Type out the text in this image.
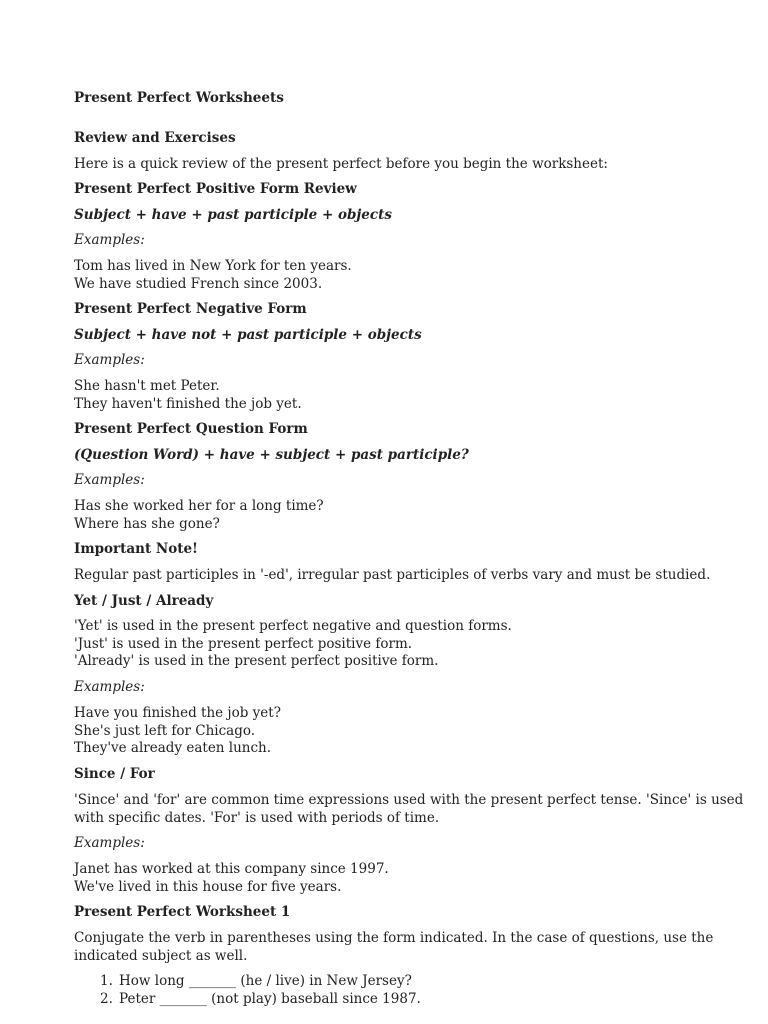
Present Perfect Worksheets
Review and Exercises
Here is a quick review of the present perfect before you begin the worksheet:
Present Perfect Positive Form Review
Subject + have + past participle + objects
Examples:
Tom has lived in New York for ten years.
We have studied French since 2003.
Present Perfect Negative Form
Subject + have not + past participle + objects
Examples:
She hasn't met Peter.
They haven't finished the job yet.
Present Perfect Question Form
(Question Word) + have + subject + past participle?
Examples:
Has she worked her for a long time?
Where has she gone?
Important Note!
Regular past participles in '-ed', irregular past participles of verbs vary and must be studied.
Yet / Just / Already
'Yet' is used in the present perfect negative and question forms.
'Just' is used in the present perfect positive form.
'Already' is used in the present perfect positive form.
Examples:
Have you finished the job yet?
She's just left for Chicago.
They've already eaten lunch.
Since / For
'Since' and 'for' are common time expressions used with the present perfect tense. 'Since' is used
with specific dates. 'For' is used with periods of time.
Examples:
Janet has worked at this company since 1997.
We've lived in this house for five years.
Present Perfect Worksheet 1
Conjugate the verb in parentheses using the form indicated. In the case of questions, use the
indicated subject as well.
1. How long _______ (he / live) in New Jersey?
2. Peter _______ (not play) baseball since 1987.
